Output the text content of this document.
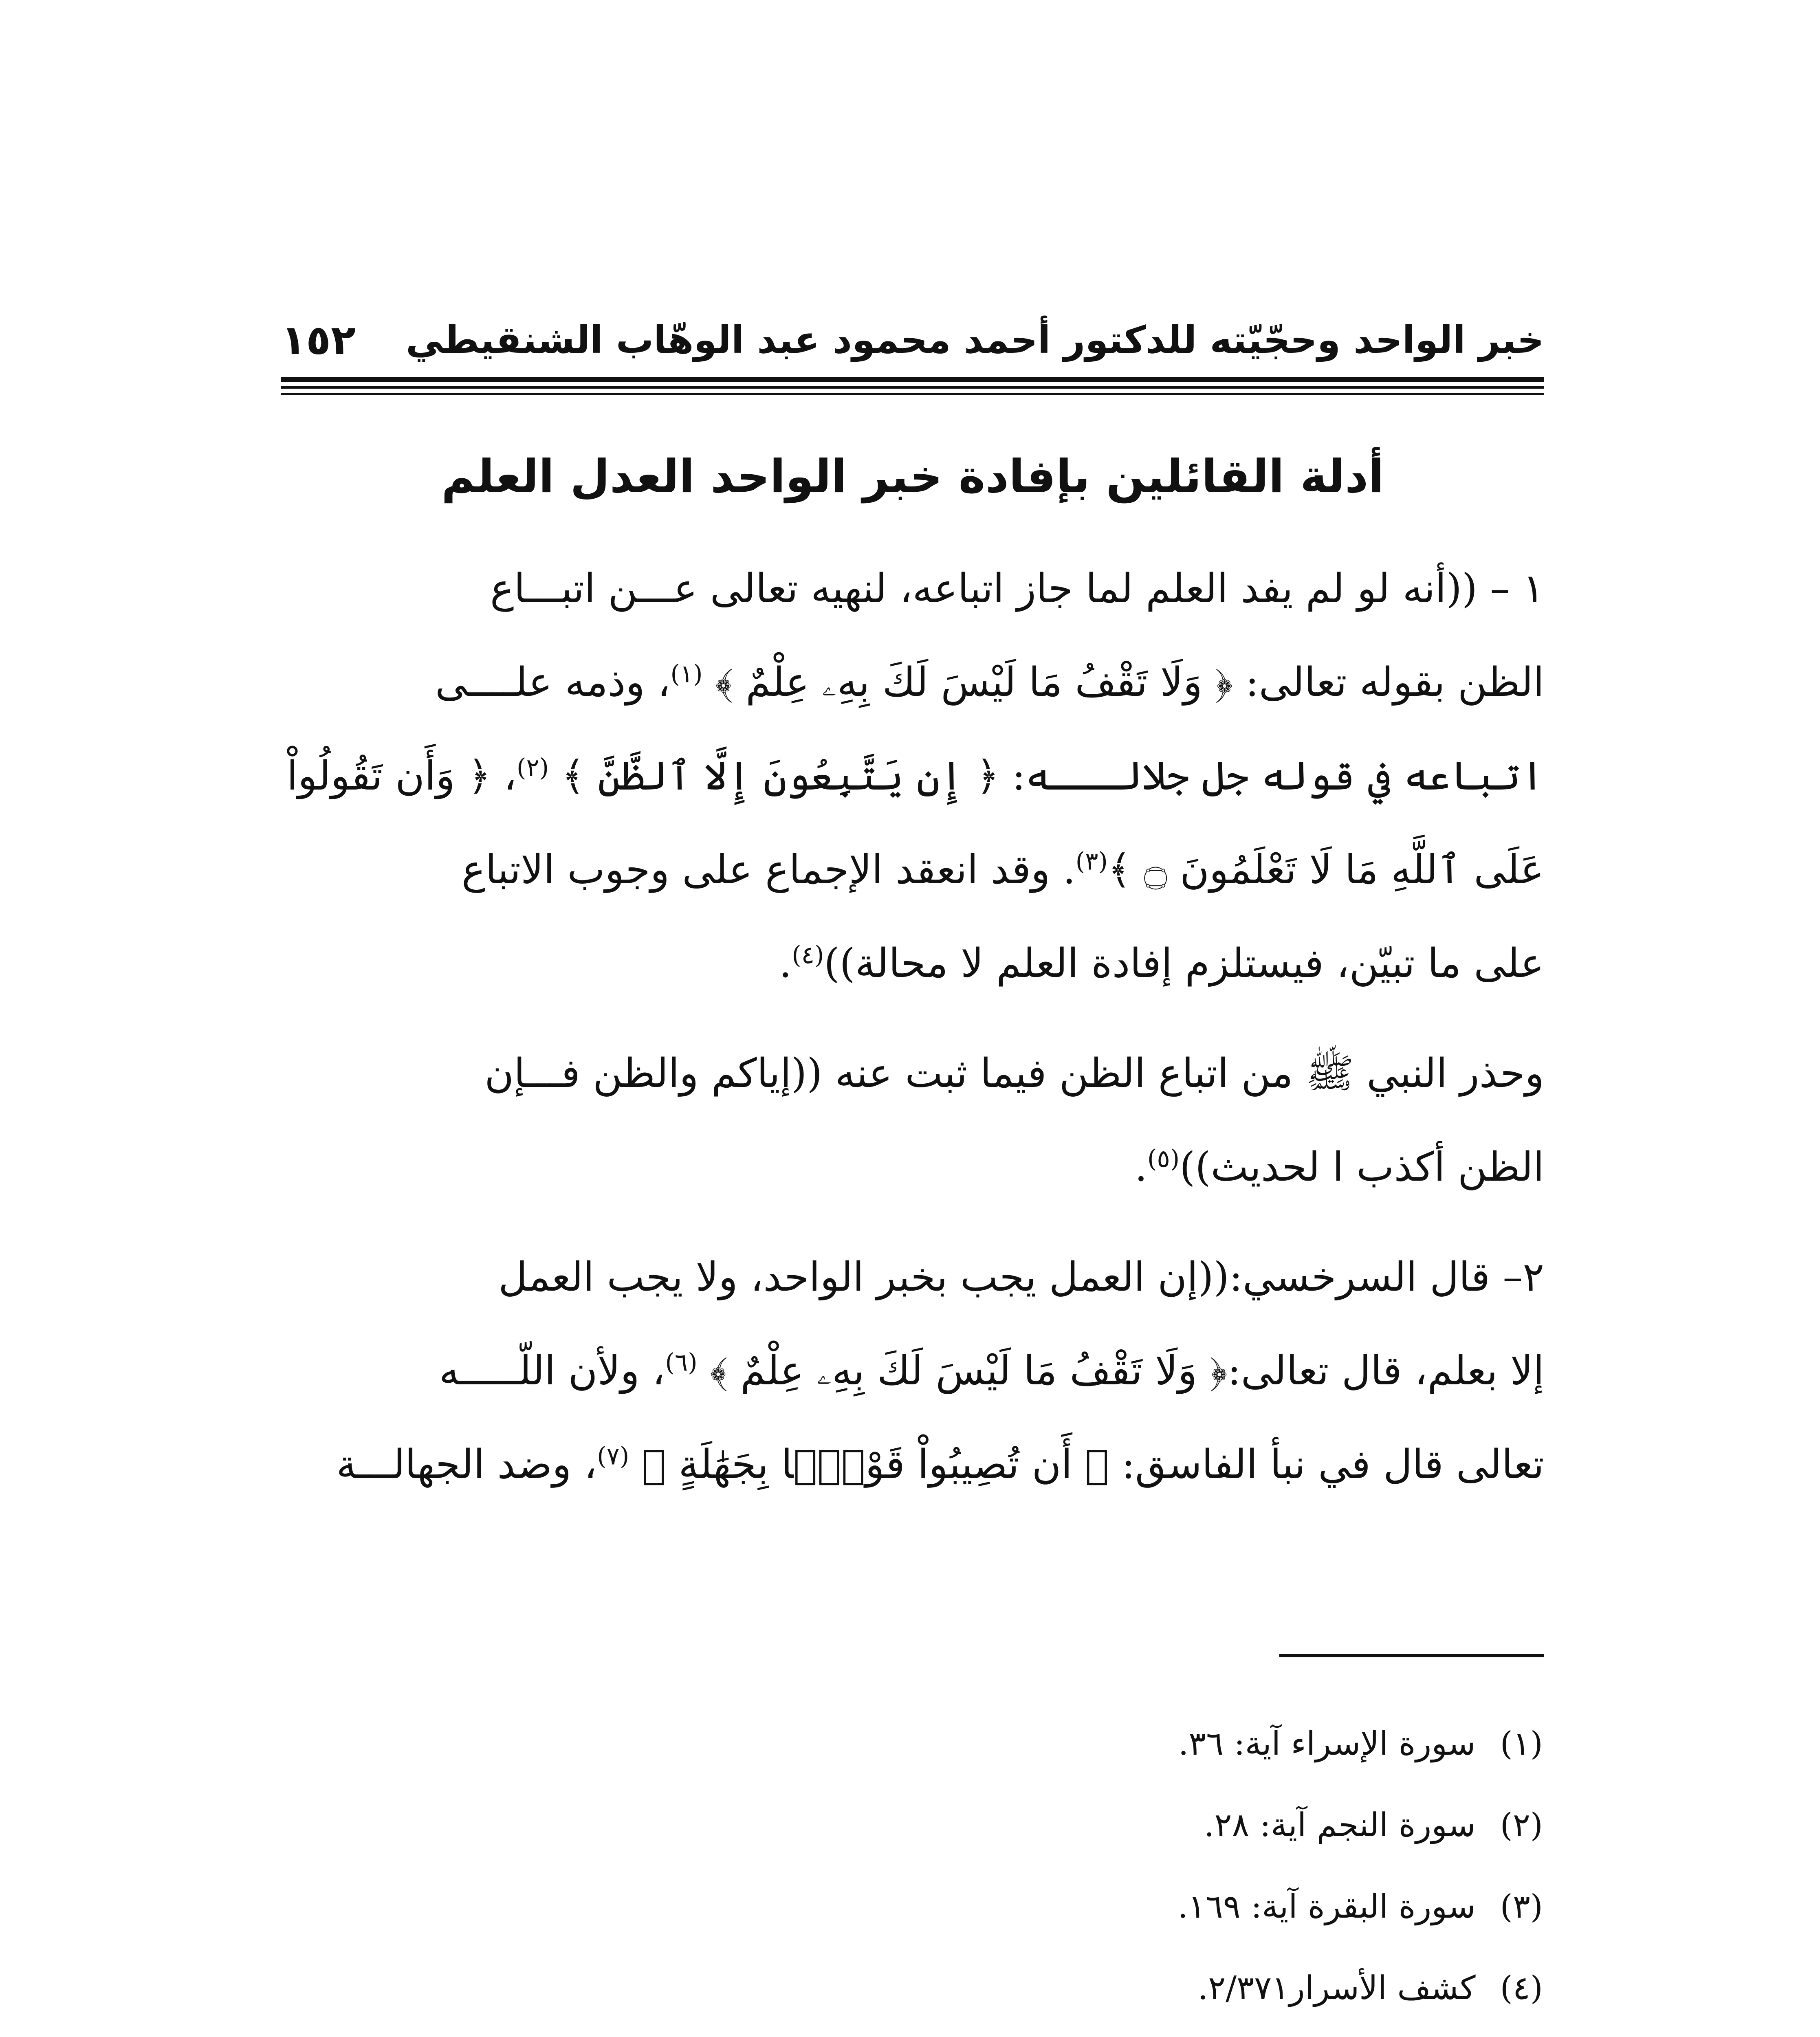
خبر الواحد وحجّيّته للدكتور أحمد محمود عبد الوهّاب الشنقيطي
١٥٢
أدلة القائلين بإفادة خبر الواحد العدل العلم
١ – ((أنه لو لم يفد العلم لما جاز اتباعه، لنهيه تعالى عـــن اتبـــاع
الظن بقوله تعالى: ﴿ وَلَا تَقْفُ مَا لَيْسَ لَكَ بِهِۦ عِلْمٌ ﴾ $^{(١)}$، وذمه علــــى
اتباعه في قوله جل جلالـــه: ﴿ إِن يَتَّبِعُونَ إِلَّا ٱلظَّنَّ ﴾ $^{(٢)}$، ﴿ وَأَن تَقُولُواْ
عَلَى ٱللَّهِ مَا لَا تَعْلَمُونَ ۝ ﴾$^{(٣)}$. وقد انعقد الإجماع على وجوب الاتباع
على ما تبيّن، فيستلزم إفادة العلم لا محالة))$^{(٤)}$.
وحذر النبي ﷺ من اتباع الظن فيما ثبت عنه ((إياكم والظن فـــإن
الظن أكذب ا لحديث))$^{(٥)}$.
٢– قال السرخسي:((إن العمل يجب بخبر الواحد، ولا يجب العمل
إلا بعلم، قال تعالى:﴿ وَلَا تَقْفُ مَا لَيْسَ لَكَ بِهِۦ عِلْمٌ ﴾ $^{(٦)}$، ولأن اللّـــــه
تعالى قال في نبأ الفاسق: ﴿ أَن تُصِيبُواْ قَوْمًۢا بِجَهَٰلَةٍ ﴾ $^{(٧)}$، وضد الجهالـــة
(١)سورة الإسراء آية: ٣٦.
(٢)سورة النجم آية: ٢٨.
(٣)سورة البقرة آية: ١٦٩.
(٤)كشف الأسرار٢/٣٧١.
